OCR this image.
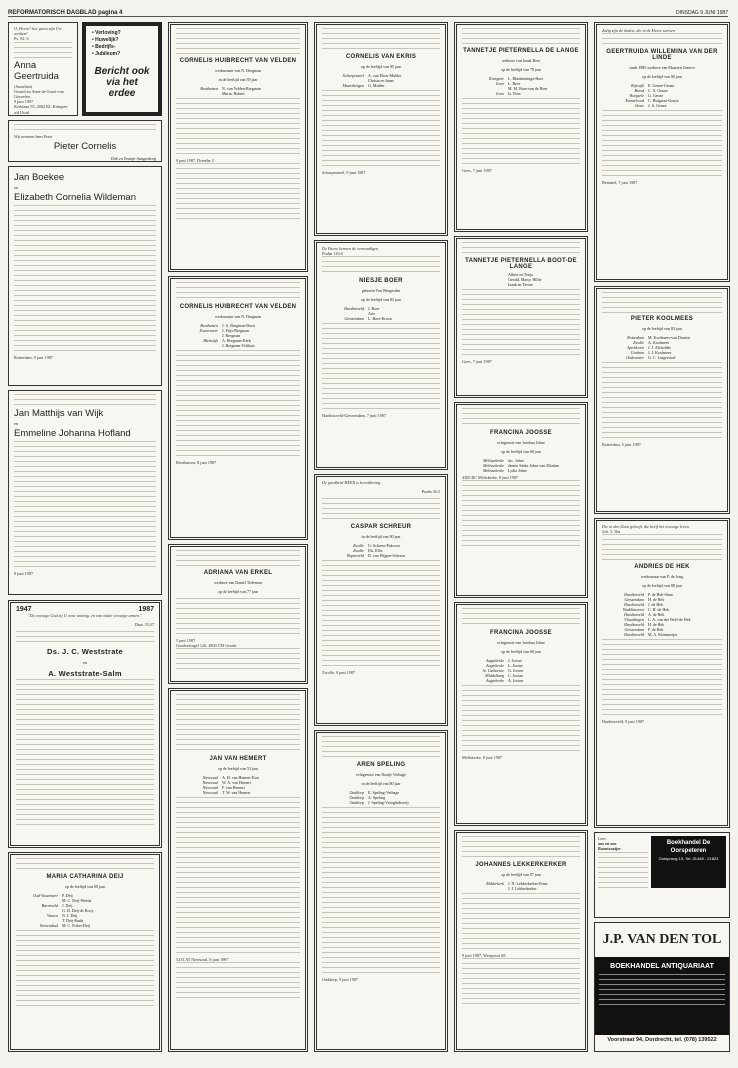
REFORMATORISCH DAGBLAD pagina 4	DINSDAG 9 JUNI 1987

O, Heere! hoe groot zijn Uw werken!

Ps. 92: 6

Anna Geertruida

(Annelien)

Gerard en Anne de Groot-van Geyzelen

9 juni 1987

Kerklaan 55, 2802 KL Krimpen a/d IJssel

• Verloving?
• Huwelijk?
• Bedrijfs-
• Jubileum?
Bericht ook via het erdee

Wij noemen hem Peter

Pieter Cornelis

Dirk en Teuntje Aangenborg

Jan Boekee

en

Elizabeth Cornelia Wildeman

Rotterdam, 9 juni 1987

Jan Matthijs van Wijk

en

Emmeline Johanna Hofland

9 juni 1987

1947	1987

"De eeuwige God zij U eene woning, en van onder eeuwige armen."

Deut. 33:27

Ds. J. C. Weststrate

en

A. Weststrate-Salm

MARIA CATHARINA DEIJ

op de leeftijd van 88 jaar

Oud-Vossemeer P. Deij
M. C. Deij-Weeda
Barneveld J. Deij
G. D. Deij-de Rooy
Vianen N. J. Deij
T. Deij-Barth
Veenendaal M. C. Polter-Deij

CORNELIS HUIBRECHT VAN VELDEN

weduwnaar van N. Dregman

in de leeftijd van 39 jaar

Benthuizen N. van Velden-Bregman
Maria, Hubert

9 juni 1987, Drenthe 2

CORNELIS HUIBRECHT VAN VELDEN

weduwnaar van N. Dregman

Benthuizen J. A. Bregman-Dorst
Zoetermeer J. Prijs-Bregman
J. Bregman
Bleiswijk A. Bregman-Kerk
J. Bregman-Velthuis

Benthuizen, 8 juni 1987

ADRIANA VAN ERKEL

weduwe van Daniel Tieleman

op de leeftijd van 77 jaar

5 juni 1987

Goudsesingel 126, 2800 CM Gouda

JAN VAN HEMERT

op de leeftijd van 53 jaar

Nieuwaal A. H. van Hemert-Kon
Nieuwaal W. A. van Hemert
Nieuwaal F. van Hemert
Nieuwaal T. W. van Hemert

5213 AT Nieuwaal, 8 juni 1987

CORNELIS VAN EKRIS

op de leeftijd van 85 jaar

Scharpenzeel A. van Ekris-Mulder
Christa en Iman
Maarsbergen G. Mulder

Scharpenzeel, 9 juni 1987

De Heere kennen de eenvoudigen

Psalm 116:6

NIESJE BOER

geboren Van Wingerden

op de leeftijd van 82 jaar

Hardinxveld J. Boer
Arie
Giessendam L. Boer-Kroon

Hardinxveld-Giessendam, 7 juni 1987

De goedheid HEER is bereddering

Psalm 36:2

CASPAR SCHREUR

in de leeftijd van 90 jaar

Zwolle G. Schreur-Pakvoor
Zwolle Els, Ellis
Wapenveld D. van Wijgen-Schreur

Zwolle, 9 juni 1987

AREN SPELING

echtgenoot van Naatje Verhage

in de leeftijd van 80 jaar

Ouddorp E. Speling-Verhage
Ouddorp A. Speling
Ouddorp J. Speling-Vroegindeweij

Ouddorp, 9 juni 1987

TANNETJE PIETERNELLA DE LANGE

weduwe van Izaak Boer

op de leeftijd van 78 jaar

Kortgene L. Blaaskeninga-Boer
Goes L. Boer
M. M. Boer-van de Boer
Goes Iz. Boer

Goes, 7 juni 1987

TANNETJE PIETERNELLA BOOT-DE LANGE

Albert en Tenja
Gerald, Marty, Hillie
Izaak en Teesse

Goes, 7 juni 1987

FRANCINA JOOSSE

echtgenote van Jacobus Jobse

op de leeftijd van 68 jaar

Melissekerke Jac. Jobse
Melissekerke Jannie Sinke Jobse-van Klinken
Melissekerke Lydia Jobse

4365 BC Meliskerke, 8 juni 1987

FRANCINA JOOSSE

echtgenote van Jacobus Jobse

op de leeftijd van 68 jaar

Aagtekerke J. Joosse
Aagtekerke L. Joosse
St. Catharine G. Joosse
Middelburg C. Joosse
Aagtekerke A. Joosse

Meliskerke, 8 juni 1987

JOHANNES LEKKERKERKER

op de leeftijd van 87 jaar

Ridderkerk J. N. Lekkerkerker-Prins
J. J. Lekkerkerker

9 juni 1987, Westpoort 68

Zalig zijn de doden, die in de Heere sterven

GEERTRUIDA WILLEMINA VAN DER LINDE

sinds 1985 weduwe van Maarten Geneve

op de leeftijd van 80 jaar

Rijswijk E. Geuze-Geuze
Beesd C. A. Geuze
Borgsele G. Geuze
Emmeloord C. Hulgarsz-Geuze
Ouwe J. A. Geuze

Bemmel, 7 juni 1987

PIETER KOOLMEES

op de leeftijd van 83 jaar

Rotterdam M. Koolmees-van Duuren
Zwolle A. Koolmees
Apeldoorn J. J. Alcholder
Gorkum J. J. Koolmees
Oudewater G. C. Lingerstorf

Rotterdam, 5 juni 1987

Die in den Zoon gelooft, die heeft het eeuwige leven

Joh. 3: 36a

ANDRIES DE HEK

weduwnaar van P. de Jong

op de leeftijd van 88 jaar

Hardinxveld P. de Hek-Slam
Giessendam H. de Hek
Hardinxveld J. de Hek
Waddinxveen C. H. de Hek
Hardinxveld A. de Hek
Vlaardingen L. A. van der Wolf-de Hek
Hardinxveld H. de Hek
Giessendam F. de Hek
Hardinxveld M. A. Kleinmeijer

Hardinxveld, 9 juni 1987

Lees

ons en ons

Boontzaaijer

Boekhandel De Oorspeteren
Oorsprong 19, Tel. 01448 - 21823
J.P. VAN DEN TOL
BOEKHANDEL ANTIQUARIAAT
Voorstraat 94, Dordrecht, tel. (078) 139522
